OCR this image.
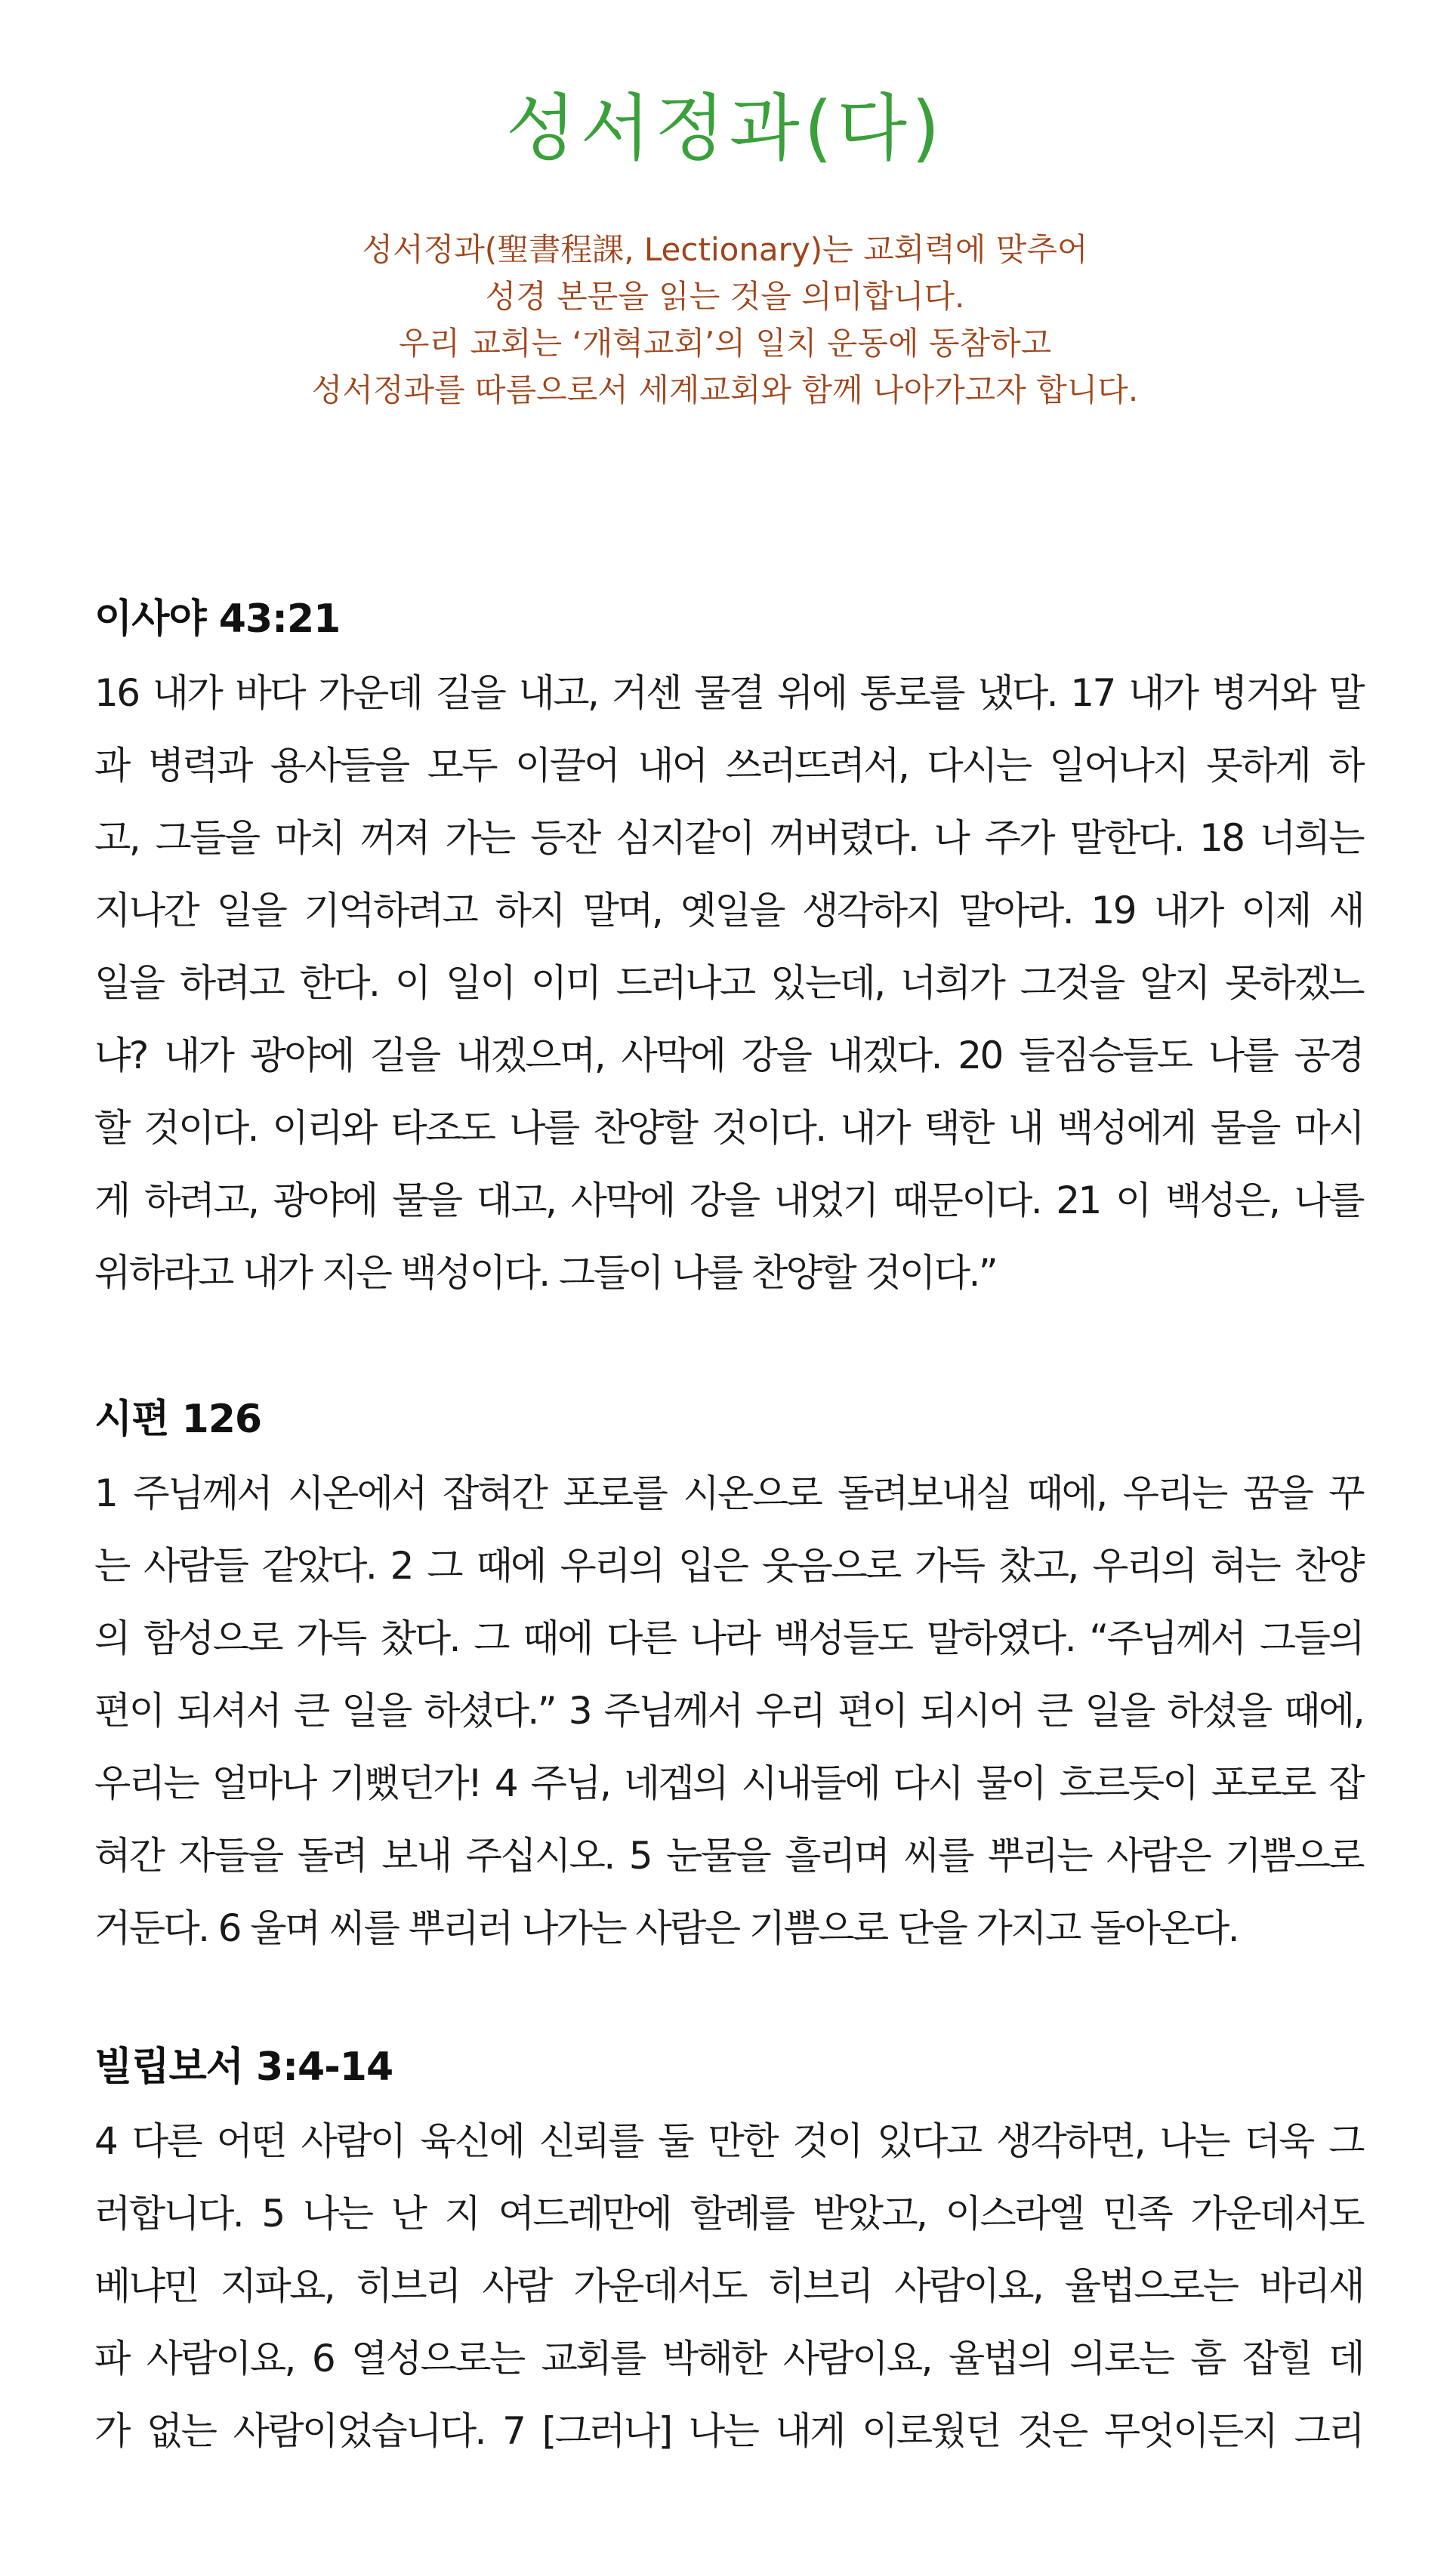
성서정과(다)
성서정과(聖書程課, Lectionary)는 교회력에 맞추어
성경 본문을 읽는 것을 의미합니다.
우리 교회는 ‘개혁교회’의 일치 운동에 동참하고
성서정과를 따름으로서 세계교회와 함께 나아가고자 합니다.
이사야 43:21
16 내가 바다 가운데 길을 내고, 거센 물결 위에 통로를 냈다. 17 내가 병거와 말
과 병력과 용사들을 모두 이끌어 내어 쓰러뜨려서, 다시는 일어나지 못하게 하
고, 그들을 마치 꺼져 가는 등잔 심지같이 꺼버렸다. 나 주가 말한다. 18 너희는
지나간 일을 기억하려고 하지 말며, 옛일을 생각하지 말아라. 19 내가 이제 새
일을 하려고 한다. 이 일이 이미 드러나고 있는데, 너희가 그것을 알지 못하겠느
냐? 내가 광야에 길을 내겠으며, 사막에 강을 내겠다. 20 들짐승들도 나를 공경
할 것이다. 이리와 타조도 나를 찬양할 것이다. 내가 택한 내 백성에게 물을 마시
게 하려고, 광야에 물을 대고, 사막에 강을 내었기 때문이다. 21 이 백성은, 나를
위하라고 내가 지은 백성이다. 그들이 나를 찬양할 것이다.”
시편 126
1 주님께서 시온에서 잡혀간 포로를 시온으로 돌려보내실 때에, 우리는 꿈을 꾸
는 사람들 같았다. 2 그 때에 우리의 입은 웃음으로 가득 찼고, 우리의 혀는 찬양
의 함성으로 가득 찼다. 그 때에 다른 나라 백성들도 말하였다. “주님께서 그들의
편이 되셔서 큰 일을 하셨다.” 3 주님께서 우리 편이 되시어 큰 일을 하셨을 때에,
우리는 얼마나 기뻤던가! 4 주님, 네겝의 시내들에 다시 물이 흐르듯이 포로로 잡
혀간 자들을 돌려 보내 주십시오. 5 눈물을 흘리며 씨를 뿌리는 사람은 기쁨으로
거둔다. 6 울며 씨를 뿌리러 나가는 사람은 기쁨으로 단을 가지고 돌아온다.
빌립보서 3:4-14
4 다른 어떤 사람이 육신에 신뢰를 둘 만한 것이 있다고 생각하면, 나는 더욱 그
러합니다. 5 나는 난 지 여드레만에 할례를 받았고, 이스라엘 민족 가운데서도
베냐민 지파요, 히브리 사람 가운데서도 히브리 사람이요, 율법으로는 바리새
파 사람이요, 6 열성으로는 교회를 박해한 사람이요, 율법의 의로는 흠 잡힐 데
가 없는 사람이었습니다. 7 [그러나] 나는 내게 이로웠던 것은 무엇이든지 그리
